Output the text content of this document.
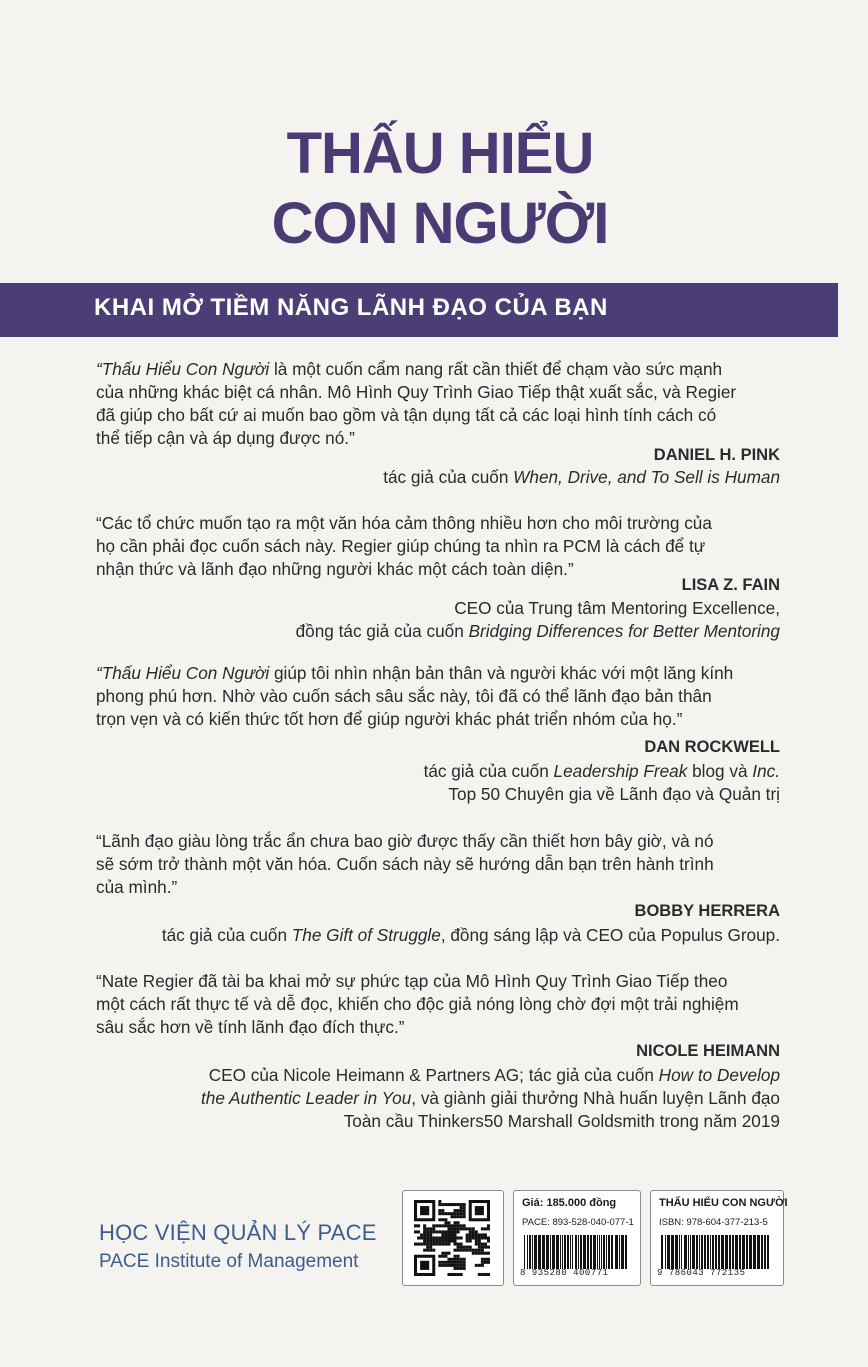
THẤU HIỂU
CON NGƯỜI
KHAI MỞ TIỀM NĂNG LÃNH ĐẠO CỦA BẠN
“Thấu Hiểu Con Người là một cuốn cẩm nang rất cần thiết để chạm vào sức mạnh
của những khác biệt cá nhân. Mô Hình Quy Trình Giao Tiếp thật xuất sắc, và Regier
đã giúp cho bất cứ ai muốn bao gồm và tận dụng tất cả các loại hình tính cách có
thể tiếp cận và áp dụng được nó.”
DANIEL H. PINK
tác giả của cuốn When, Drive, and To Sell is Human
“Các tổ chức muốn tạo ra một văn hóa cảm thông nhiều hơn cho môi trường của
họ cần phải đọc cuốn sách này. Regier giúp chúng ta nhìn ra PCM là cách để tự
nhận thức và lãnh đạo những người khác một cách toàn diện.”
LISA Z. FAIN
CEO của Trung tâm Mentoring Excellence,
đồng tác giả của cuốn Bridging Differences for Better Mentoring
“Thấu Hiểu Con Người giúp tôi nhìn nhận bản thân và người khác với một lăng kính
phong phú hơn. Nhờ vào cuốn sách sâu sắc này, tôi đã có thể lãnh đạo bản thân
trọn vẹn và có kiến thức tốt hơn để giúp người khác phát triển nhóm của họ.”
DAN ROCKWELL
tác giả của cuốn Leadership Freak blog và Inc.
Top 50 Chuyên gia về Lãnh đạo và Quản trị
“Lãnh đạo giàu lòng trắc ẩn chưa bao giờ được thấy cần thiết hơn bây giờ, và nó
sẽ sớm trở thành một văn hóa. Cuốn sách này sẽ hướng dẫn bạn trên hành trình
của mình.”
BOBBY HERRERA
tác giả của cuốn The Gift of Struggle, đồng sáng lập và CEO của Populus Group.
“Nate Regier đã tài ba khai mở sự phức tạp của Mô Hình Quy Trình Giao Tiếp theo
một cách rất thực tế và dễ đọc, khiến cho độc giả nóng lòng chờ đợi một trải nghiệm
sâu sắc hơn về tính lãnh đạo đích thực.”
NICOLE HEIMANN
CEO của Nicole Heimann & Partners AG; tác giả của cuốn How to Develop
the Authentic Leader in You, và giành giải thưởng Nhà huấn luyện Lãnh đạo
Toàn cầu Thinkers50 Marshall Goldsmith trong năm 2019
HỌC VIỆN QUẢN LÝ PACE
PACE Institute of Management
Giá: 185.000 đồng
PACE: 893-528-040-077-1
8 935280 400771
THẤU HIỂU CON NGƯỜI
ISBN: 978-604-377-213-5
9 786043 772135
